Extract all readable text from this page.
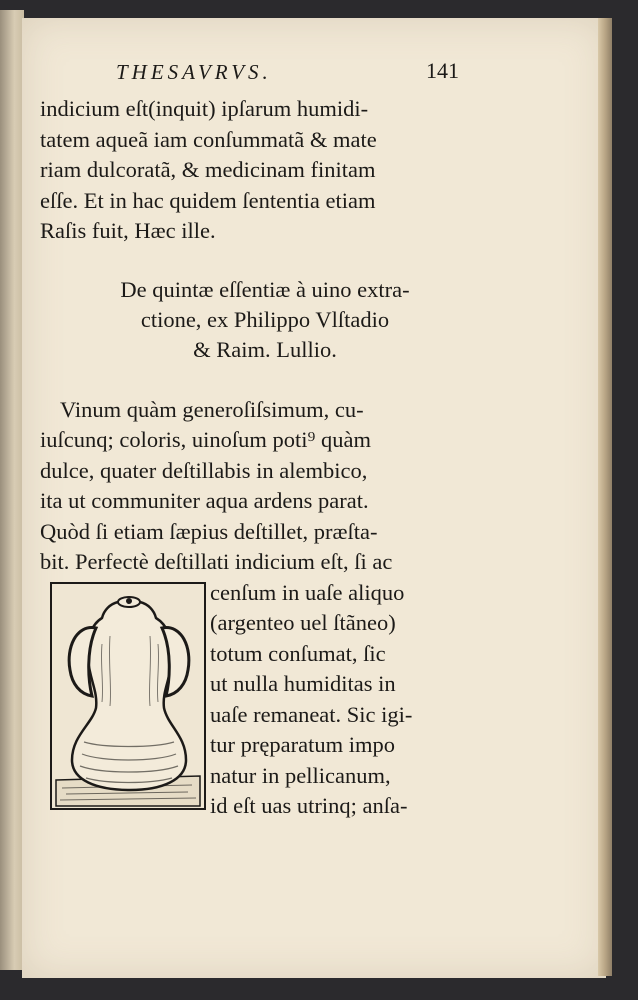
THESAVRVS.	141
indicium eſt(inquit) ipſarum humidi-
tatem aqueã iam conſummatã & mate
riam dulcoratã, & medicinam finitam
eſſe. Et in hac quidem ſententia etiam
Raſis fuit, Hæc ille.
De quintæ eſſentiæ à uino extra-
ctione, ex Philippo Vlſtadio
& Raim. Lullio.
Vinum quàm generoſiſsimum, cu-
iuſcunq; coloris, uinoſum poti⁹ quàm
dulce, quater deſtillabis in alembico,
ita ut communiter aqua ardens parat.
Quòd ſi etiam ſæpius deſtillet, præſta-
bit. Perfectè deſtillati indicium eſt, ſi ac
cenſum in uaſe aliquo
(argenteo uel ſtãneo)
totum conſumat, ſic
ut nulla humiditas in
uaſe remaneat. Sic igi-
tur pręparatum impo
natur in pellicanum,
id eſt uas utrinq; anſa-
